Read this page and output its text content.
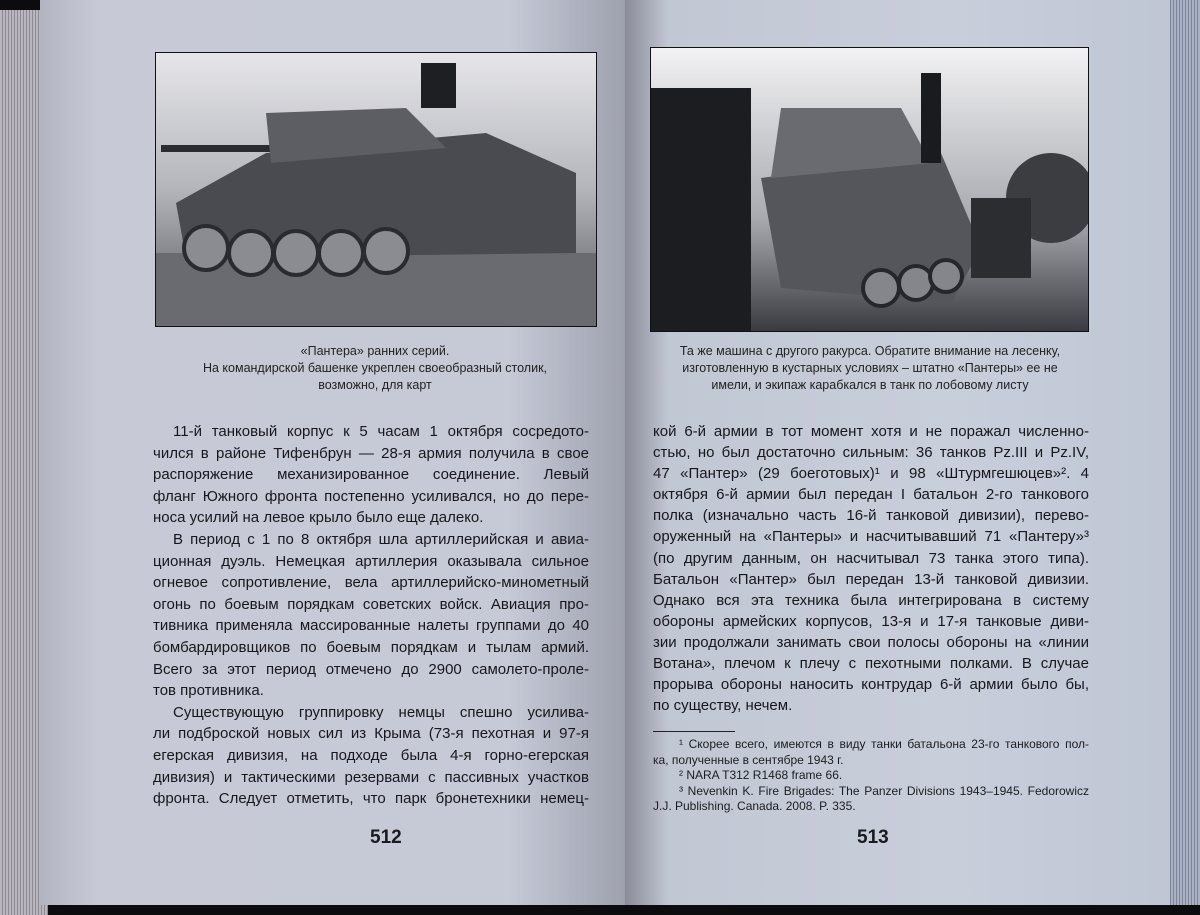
«Пантера» ранних серий.
На командирской башенке укреплен своеобразный столик,
возможно, для карт
11-й танковый корпус к 5 часам 1 октября сосредото-
чился в районе Тифенбрун — 28-я армия получила в свое
распоряжение механизированное соединение. Левый
фланг Южного фронта постепенно усиливался, но до пере-
носа усилий на левое крыло было еще далеко.
В период с 1 по 8 октября шла артиллерийская и авиа-
ционная дуэль. Немецкая артиллерия оказывала сильное
огневое сопротивление, вела артиллерийско-минометный
огонь по боевым порядкам советских войск. Авиация про-
тивника применяла массированные налеты группами до 40
бомбардировщиков по боевым порядкам и тылам армий.
Всего за этот период отмечено до 2900 самолето-проле-
тов противника.
Существующую группировку немцы спешно усилива-
ли подброской новых сил из Крыма (73-я пехотная и 97-я
егерская дивизия, на подходе была 4-я горно-егерская
дивизия) и тактическими резервами с пассивных участков
фронта. Следует отметить, что парк бронетехники немец-
512
Та же машина с другого ракурса. Обратите внимание на лесенку,
изготовленную в кустарных условиях – штатно «Пантеры» ее не
имели, и экипаж карабкался в танк по лобовому листу
кой 6-й армии в тот момент хотя и не поражал численно-
стью, но был достаточно сильным: 36 танков Pz.III и Pz.IV,
47 «Пантер» (29 боеготовых)¹ и 98 «Штурмгешюцев»². 4
октября 6-й армии был передан I батальон 2-го танкового
полка (изначально часть 16-й танковой дивизии), перево-
оруженный на «Пантеры» и насчитывавший 71 «Пантеру»³
(по другим данным, он насчитывал 73 танка этого типа).
Батальон «Пантер» был передан 13-й танковой дивизии.
Однако вся эта техника была интегрирована в систему
обороны армейских корпусов, 13-я и 17-я танковые диви-
зии продолжали занимать свои полосы обороны на «линии
Вотана», плечом к плечу с пехотными полками. В случае
прорыва обороны наносить контрудар 6-й армии было бы,
по существу, нечем.
¹ Скорее всего, имеются в виду танки батальона 23-го танкового пол-
ка, полученные в сентябре 1943 г.
² NARA T312 R1468 frame 66.
³ Nevenkin K. Fire Brigades: The Panzer Divisions 1943–1945. Fedorowicz
J.J. Publishing. Canada. 2008. P. 335.
513
